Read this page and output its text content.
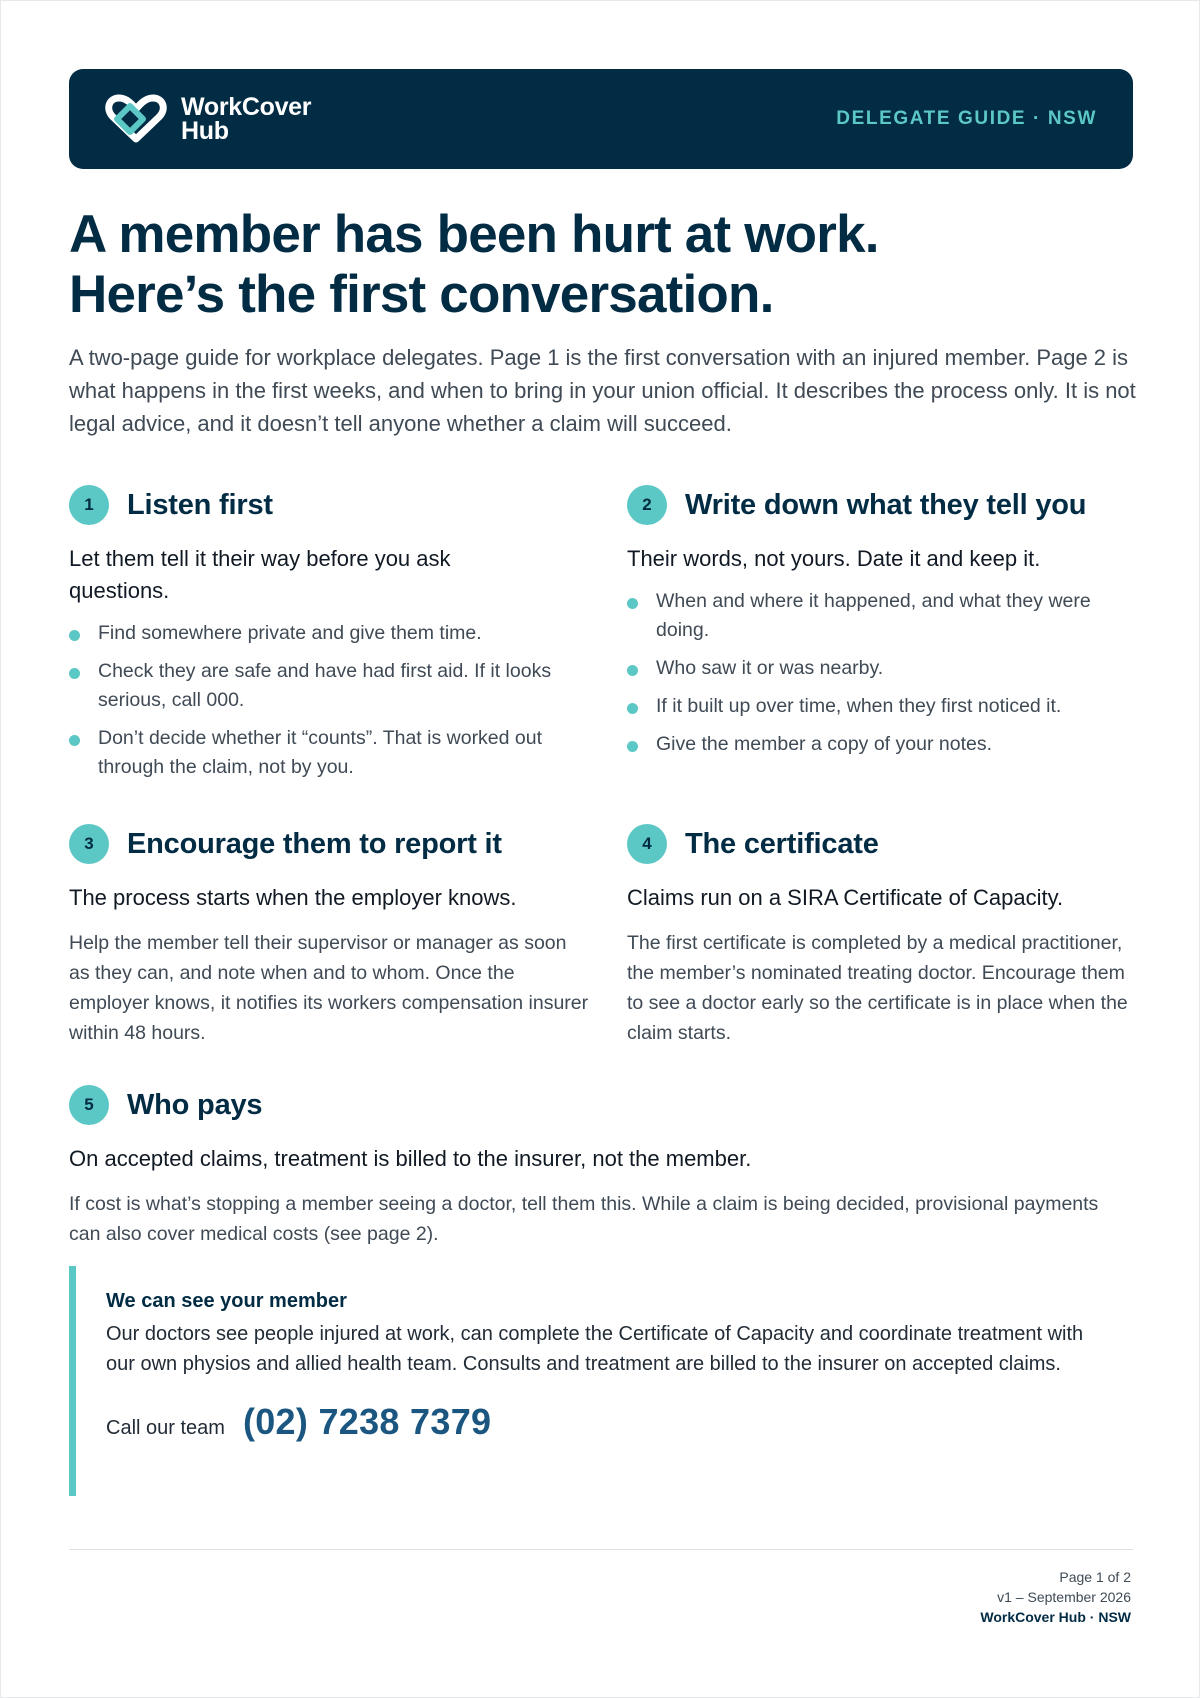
WorkCover
Hub	DELEGATE GUIDE · NSW
A member has been hurt at work.
Here’s the first conversation.

A two-page guide for workplace delegates. Page 1 is the first conversation with an injured member. Page 2 is what happens in the first weeks, and when to bring in your union official. It describes the process only. It is not legal advice, and it doesn’t tell anyone whether a claim will succeed.

1	Listen first

Let them tell it their way before you ask questions.

Find somewhere private and give them time.
Check they are safe and have had first aid. If it looks serious, call 000.
Don’t decide whether it “counts”. That is worked out through the claim, not by you.
2	Write down what they tell you

Their words, not yours. Date it and keep it.

When and where it happened, and what they were doing.
Who saw it or was nearby.
If it built up over time, when they first noticed it.
Give the member a copy of your notes.
3	Encourage them to report it

The process starts when the employer knows.

Help the member tell their supervisor or manager as soon as they can, and note when and to whom. Once the employer knows, it notifies its workers compensation insurer within 48 hours.

4	The certificate

Claims run on a SIRA Certificate of Capacity.

The first certificate is completed by a medical practitioner, the member’s nominated treating doctor. Encourage them to see a doctor early so the certificate is in place when the claim starts.

5	Who pays

On accepted claims, treatment is billed to the insurer, not the member.

If cost is what’s stopping a member seeing a doctor, tell them this. While a claim is being decided, provisional payments can also cover medical costs (see page 2).

We can see your member

Our doctors see people injured at work, can complete the Certificate of Capacity and coordinate treatment with our own physios and allied health team. Consults and treatment are billed to the insurer on accepted claims.

Call our team (02) 7238 7379
Page 1 of 2
v1 – September 2026
WorkCover Hub · NSW
